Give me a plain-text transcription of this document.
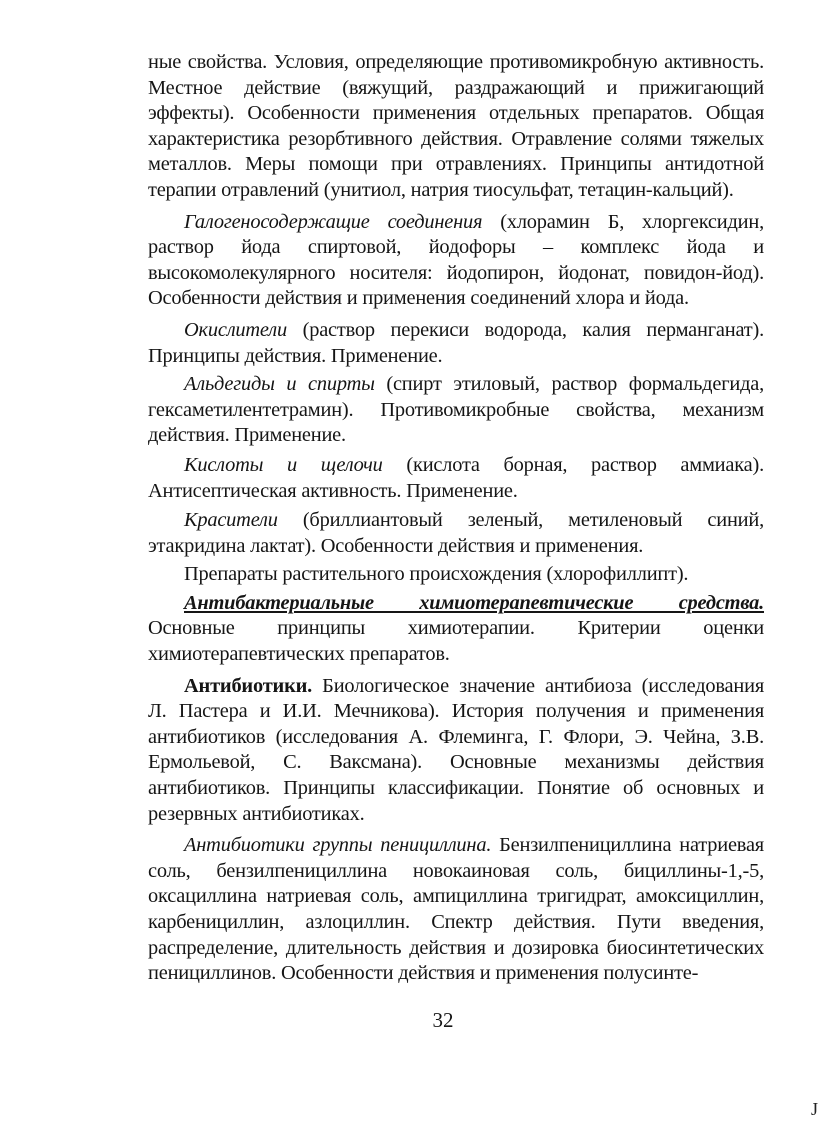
ные свойства. Условия, определяющие противомикробную активность. Местное действие (вяжущий, раздражающий и прижигающий эффекты). Особенности применения отдельных препаратов. Общая характеристика резорбтивного действия. Отравление солями тяжелых металлов. Меры помощи при отравлениях. Принципы антидотной терапии отравлений (унитиол, натрия тиосульфат, тетацин-кальций).

Галогеносодержащие соединения (хлорамин Б, хлоргексидин, раствор йода спиртовой, йодофоры – комплекс йода и высокомолекулярного носителя: йодопирон, йодонат, повидон-йод). Особенности действия и применения соединений хлора и йода.

Окислители (раствор перекиси водорода, калия перманганат). Принципы действия. Применение.

Альдегиды и спирты (спирт этиловый, раствор формальдегида, гексаметилентетрамин). Противомикробные свойства, механизм действия. Применение.

Кислоты и щелочи (кислота борная, раствор аммиака). Антисептическая активность. Применение.

Красители (бриллиантовый зеленый, метиленовый синий, этакридина лактат). Особенности действия и применения.

Препараты растительного происхождения (хлорофиллипт).

Антибактериальные химиотерапевтические средства. Основные принципы химиотерапии. Критерии оценки химиотерапевтических препаратов.

Антибиотики. Биологическое значение антибиоза (исследования Л. Пастера и И.И. Мечникова). История получения и применения антибиотиков (исследования А. Флеминга, Г. Флори, Э. Чейна, З.В. Ермольевой, С. Ваксмана). Основные механизмы действия антибиотиков. Принципы классификации. Понятие об основных и резервных антибиотиках.

Антибиотики группы пенициллина. Бензилпенициллина натриевая соль, бензилпенициллина новокаиновая соль, бициллины-1,-5, оксациллина натриевая соль, ампициллина тригидрат, амоксициллин, карбенициллин, азлоциллин. Спектр действия. Пути введения, распределение, длительность действия и дозировка биосинтетических пенициллинов. Особенности действия и применения полусинте-

32
J
